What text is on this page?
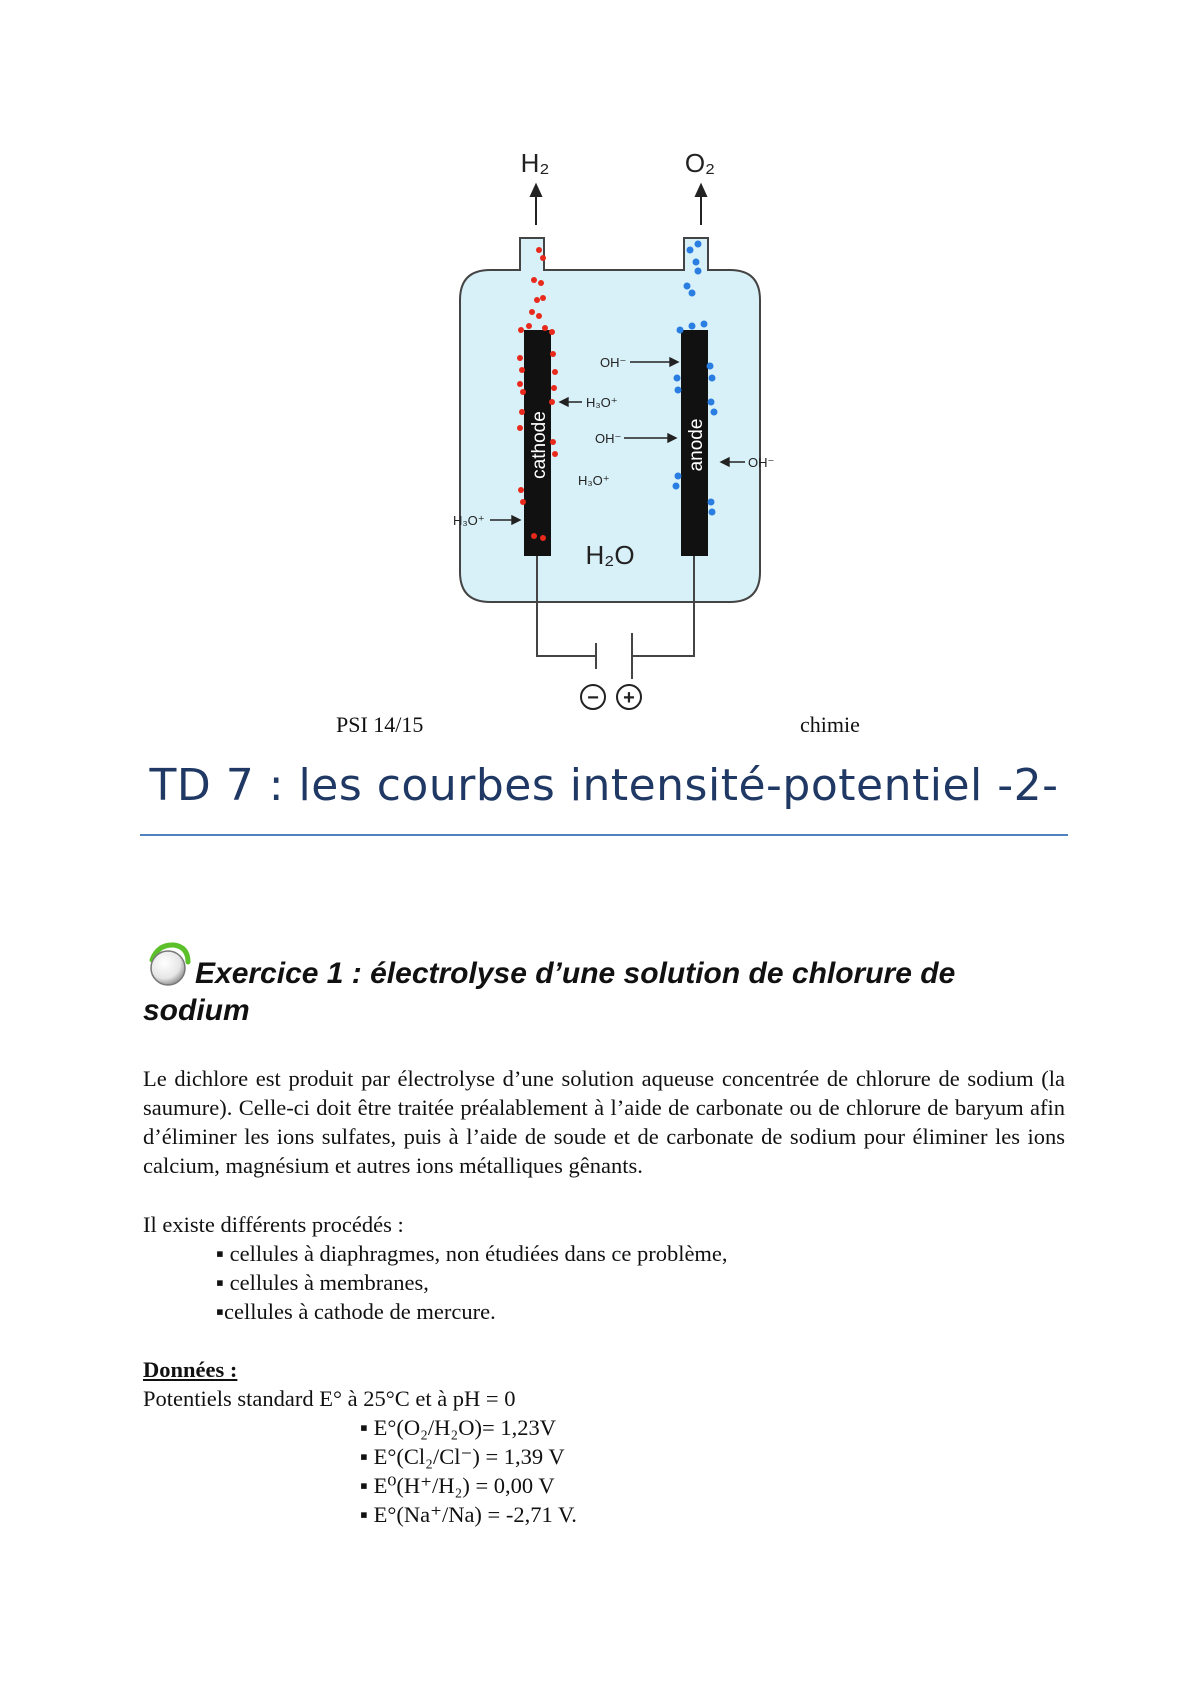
H₂	O₂
cathode	anode
OH⁻
H₃O⁺
OH⁻
OH⁻
H₃O⁺
H₃O⁺
H₂O
− +
PSI 14/15	chimie
TD 7 : les courbes intensité-potentiel -2-
Exercice 1 : électrolyse d’une solution de chlorure de
sodium

Le dichlore est produit par électrolyse d’une solution aqueuse concentrée de chlorure de sodium (la saumure). Celle-ci doit être traitée préalablement à l’aide de carbonate ou de chlorure de baryum afin d’éliminer les ions sulfates, puis à l’aide de soude et de carbonate de sodium pour éliminer les ions calcium, magnésium et autres ions métalliques gênants.

Il existe différents procédés :
▪ cellules à diaphragmes, non étudiées dans ce problème,
▪ cellules à membranes,
▪cellules à cathode de mercure.
Données :
Potentiels standard E° à 25°C et à pH = 0
▪ E°(O₂/H₂O)= 1,23V
▪ E°(Cl₂/Cl⁻) = 1,39 V
▪ E⁰(H⁺/H₂) = 0,00 V
▪ E°(Na⁺/Na) = -2,71 V.
